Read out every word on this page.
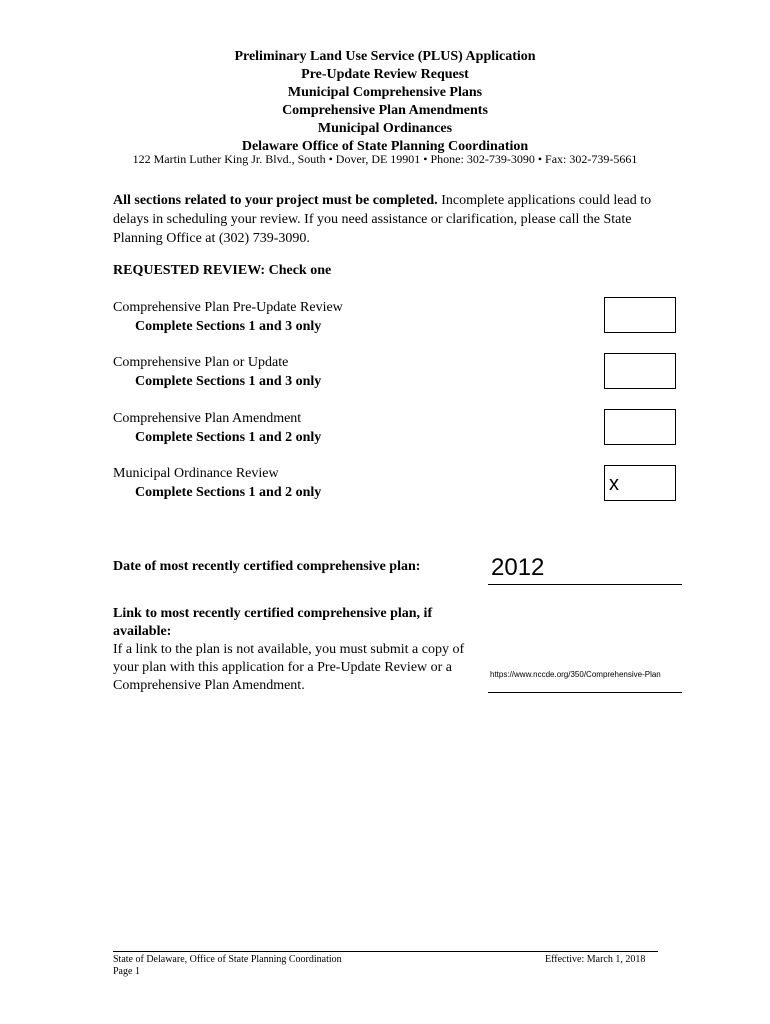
Preliminary Land Use Service (PLUS) Application
Pre-Update Review Request
Municipal Comprehensive Plans
Comprehensive Plan Amendments
Municipal Ordinances
Delaware Office of State Planning Coordination
122 Martin Luther King Jr. Blvd., South • Dover, DE 19901 • Phone: 302-739-3090 • Fax: 302-739-5661
All sections related to your project must be completed. Incomplete applications could lead to delays in scheduling your review. If you need assistance or clarification, please call the State Planning Office at (302) 739-3090.
REQUESTED REVIEW: Check one
Comprehensive Plan Pre-Update Review
Complete Sections 1 and 3 only
Comprehensive Plan or Update
Complete Sections 1 and 3 only
Comprehensive Plan Amendment
Complete Sections 1 and 2 only
Municipal Ordinance Review
Complete Sections 1 and 2 only	x
Date of most recently certified comprehensive plan:	2012
Link to most recently certified comprehensive plan, if available:
If a link to the plan is not available, you must submit a copy of your plan with this application for a Pre-Update Review or a Comprehensive Plan Amendment.
https://www.nccde.org/350/Comprehensive-Plan
State of Delaware, Office of State Planning Coordination
Page 1
Effective: March 1, 2018
